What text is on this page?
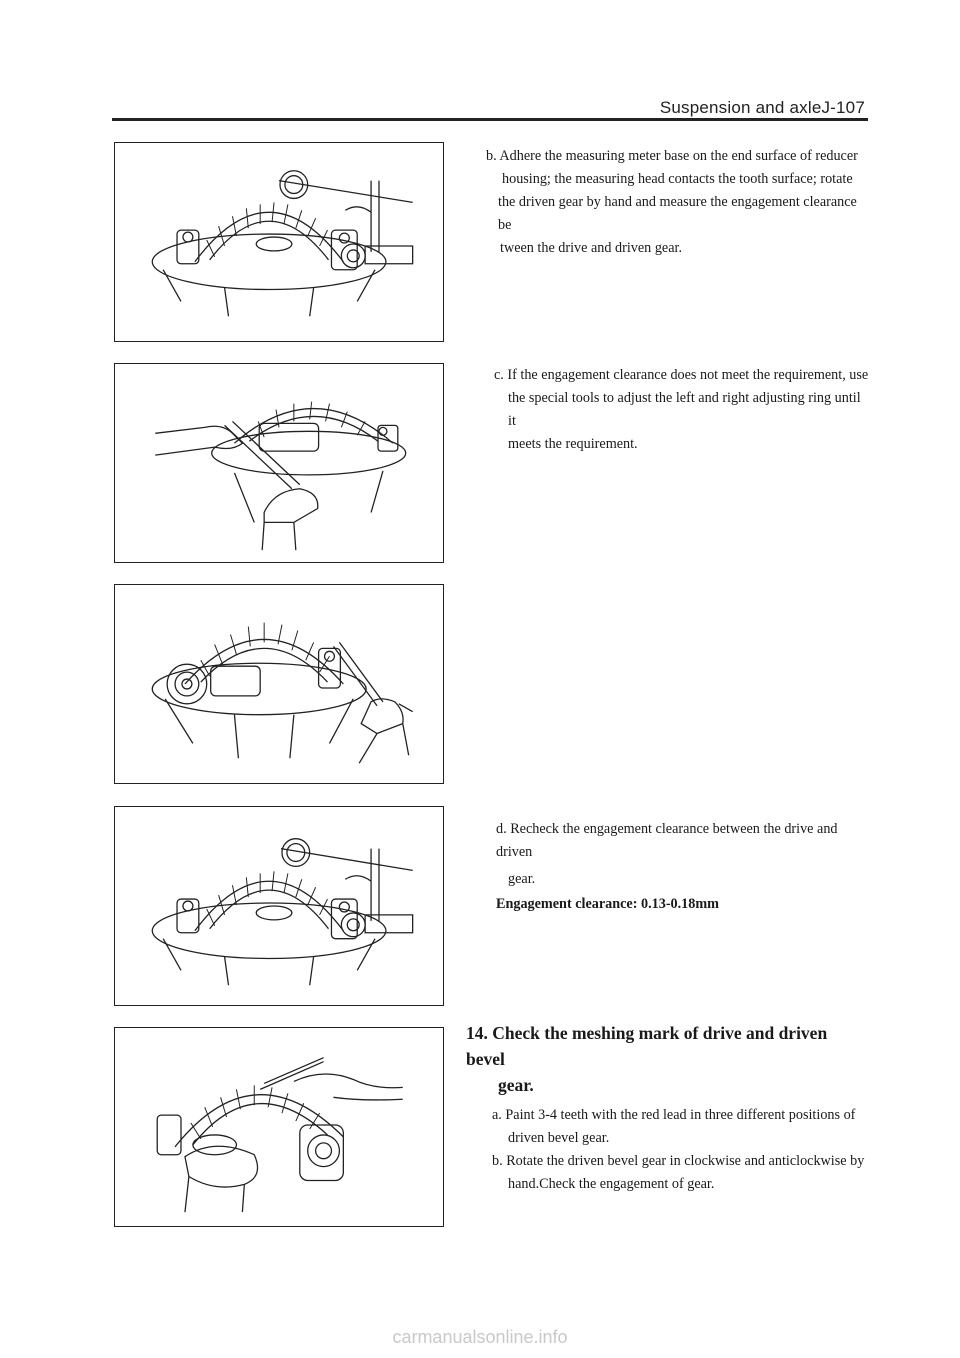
Suspension and axleJ-107

b. Adhere the measuring meter base on the end surface of reducer

housing; the measuring head contacts the tooth surface; rotate

the driven gear by hand and measure the engagement clearance be

tween the drive and driven gear.

c. If the engagement clearance does not meet the requirement, use

the special tools to adjust the left and right adjusting ring until it

meets the requirement.

d. Recheck the engagement clearance between the drive and driven

gear.

Engagement clearance: 0.13-0.18mm

14. Check the meshing mark of drive and driven bevel
gear.

a. Paint 3-4 teeth with the red lead in three different positions of
driven bevel gear.

b. Rotate the driven bevel gear in clockwise and anticlockwise by
hand.Check the engagement of gear.

carmanualsonline.info
